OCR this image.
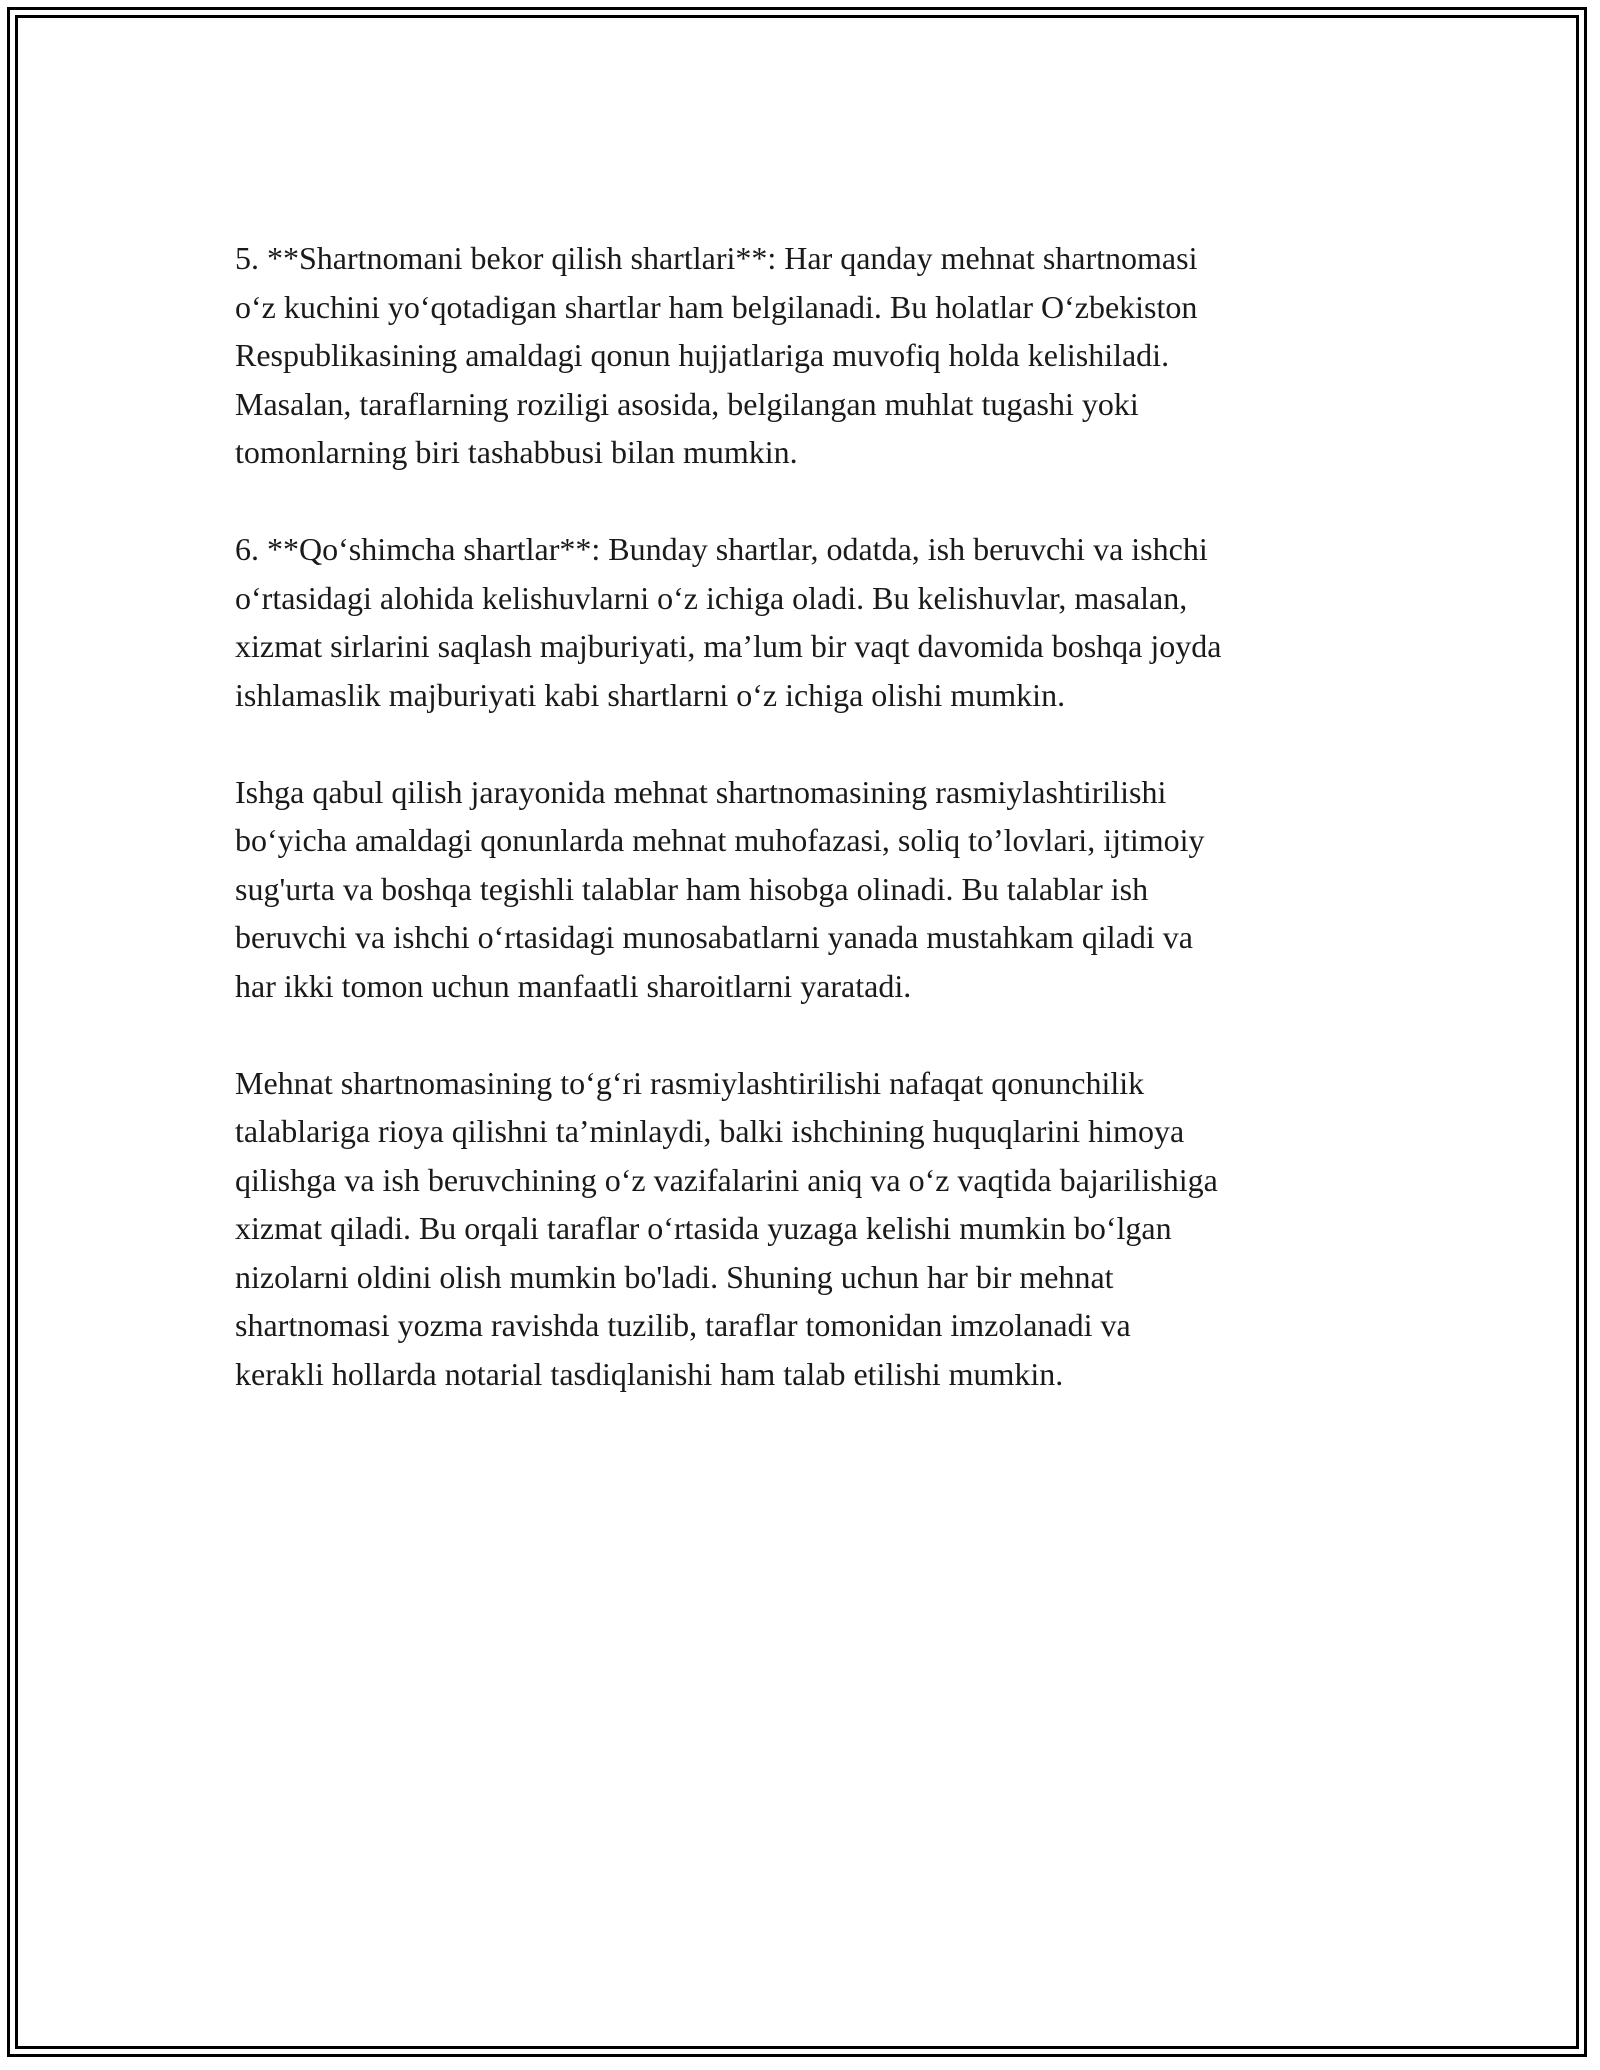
5. **Shartnomani bekor qilish shartlari**: Har qanday mehnat shartnomasi
o‘z kuchini yo‘qotadigan shartlar ham belgilanadi. Bu holatlar O‘zbekiston
Respublikasining amaldagi qonun hujjatlariga muvofiq holda kelishiladi.
Masalan, taraflarning roziligi asosida, belgilangan muhlat tugashi yoki
tomonlarning biri tashabbusi bilan mumkin.

6. **Qo‘shimcha shartlar**: Bunday shartlar, odatda, ish beruvchi va ishchi
o‘rtasidagi alohida kelishuvlarni o‘z ichiga oladi. Bu kelishuvlar, masalan,
xizmat sirlarini saqlash majburiyati, ma’lum bir vaqt davomida boshqa joyda
ishlamaslik majburiyati kabi shartlarni o‘z ichiga olishi mumkin.

Ishga qabul qilish jarayonida mehnat shartnomasining rasmiylashtirilishi
bo‘yicha amaldagi qonunlarda mehnat muhofazasi, soliq to’lovlari, ijtimoiy
sug'urta va boshqa tegishli talablar ham hisobga olinadi. Bu talablar ish
beruvchi va ishchi o‘rtasidagi munosabatlarni yanada mustahkam qiladi va
har ikki tomon uchun manfaatli sharoitlarni yaratadi.

Mehnat shartnomasining to‘g‘ri rasmiylashtirilishi nafaqat qonunchilik
talablariga rioya qilishni ta’minlaydi, balki ishchining huquqlarini himoya
qilishga va ish beruvchining o‘z vazifalarini aniq va o‘z vaqtida bajarilishiga
xizmat qiladi. Bu orqali taraflar o‘rtasida yuzaga kelishi mumkin bo‘lgan
nizolarni oldini olish mumkin bo'ladi. Shuning uchun har bir mehnat
shartnomasi yozma ravishda tuzilib, taraflar tomonidan imzolanadi va
kerakli hollarda notarial tasdiqlanishi ham talab etilishi mumkin.
